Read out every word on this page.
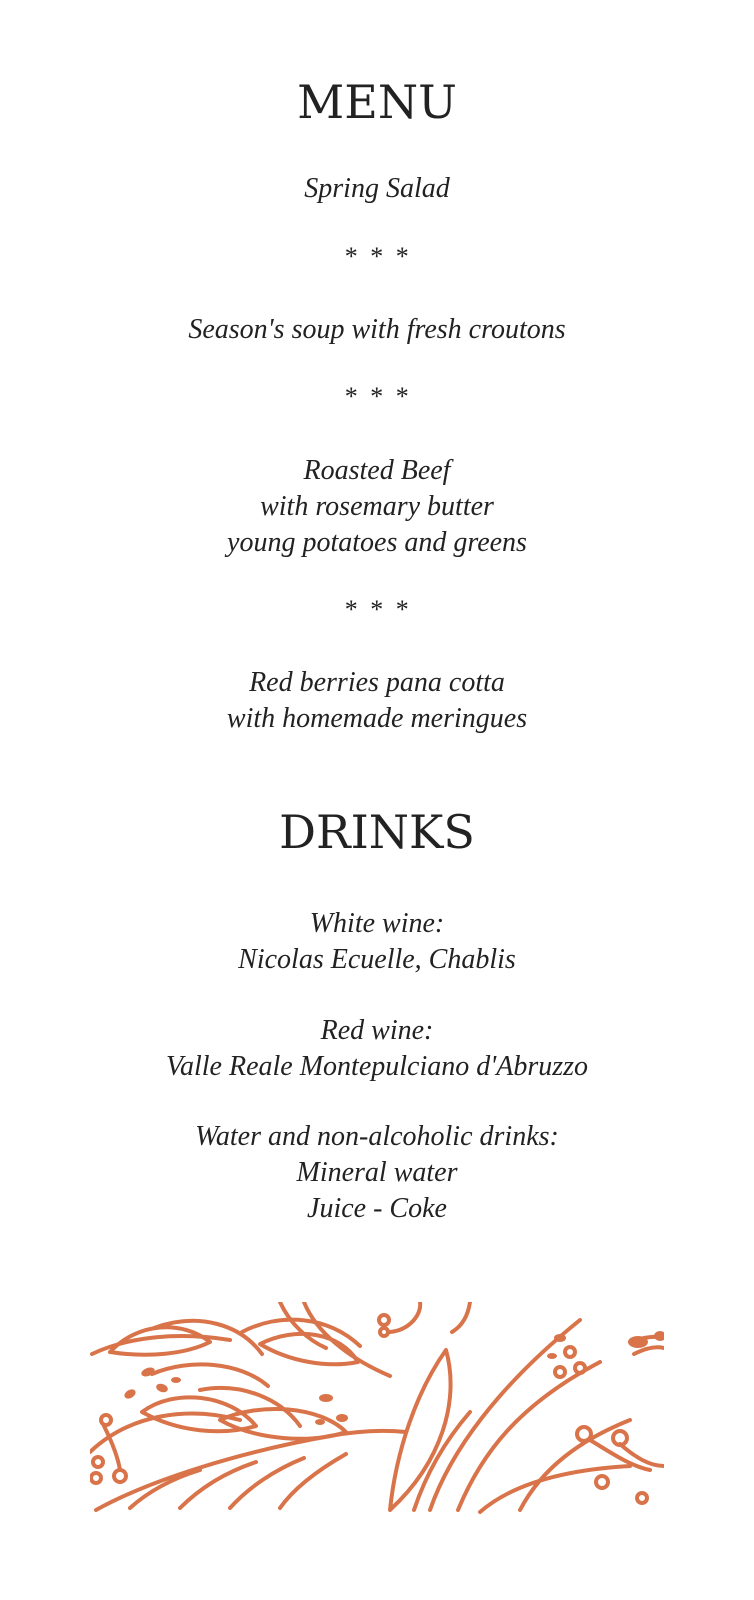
MENU
Spring Salad
* * *
Season's soup with fresh croutons
* * *
Roasted Beef
with rosemary butter
young potatoes and greens
* * *
Red berries pana cotta
with homemade meringues
DRINKS
White wine:
Nicolas Ecuelle, Chablis
Red wine:
Valle Reale Montepulciano d'Abruzzo
Water and non-alcoholic drinks:
Mineral water
Juice - Coke
